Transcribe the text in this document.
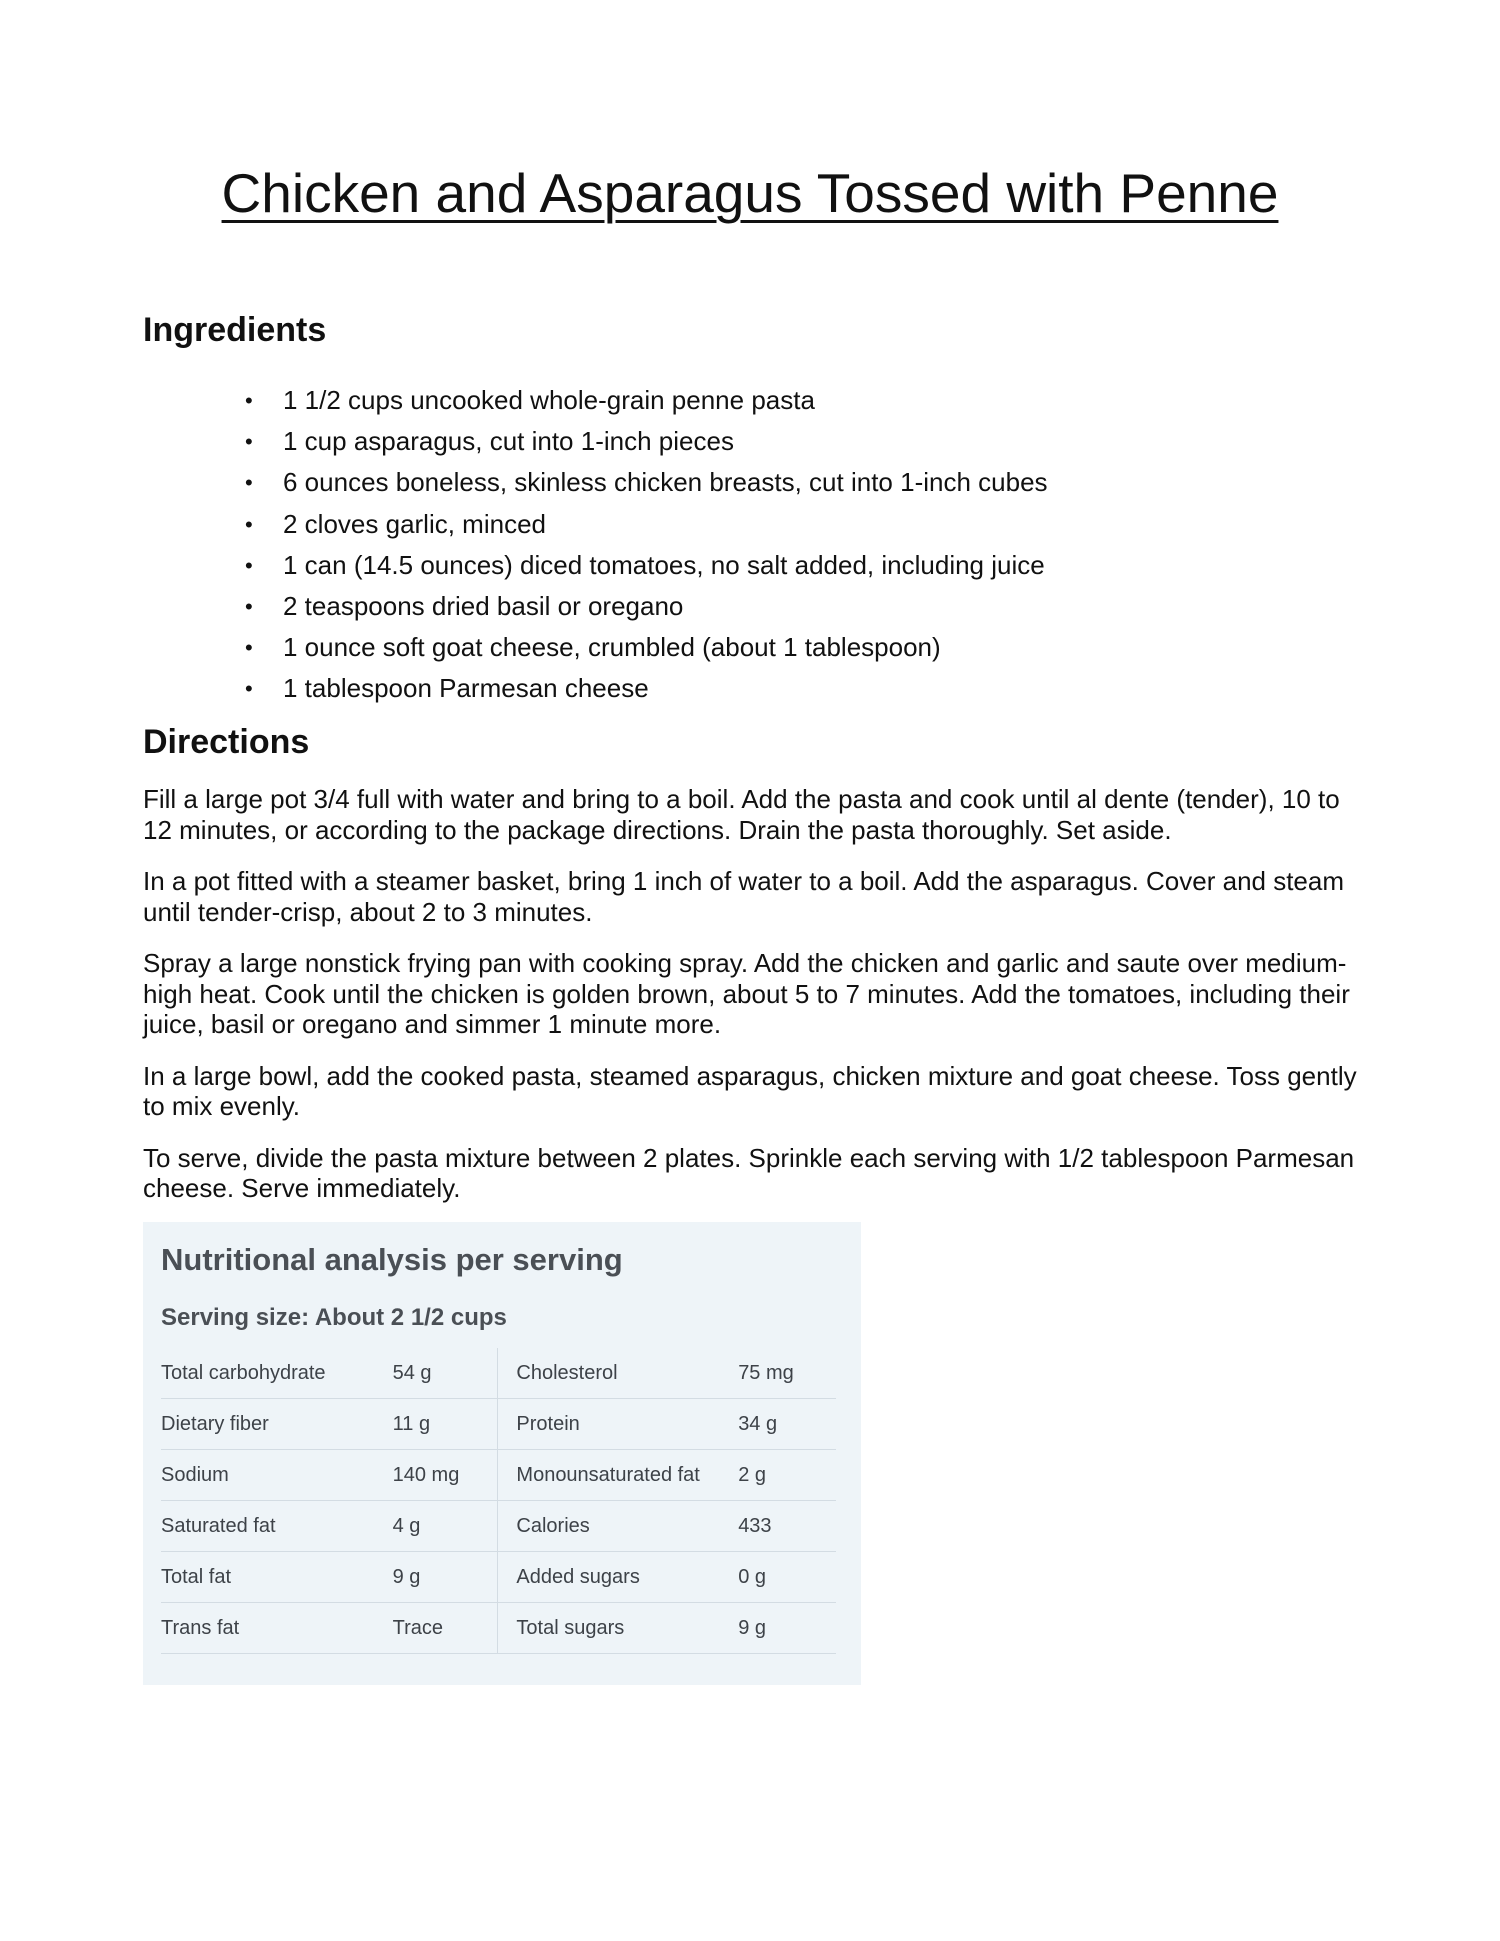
Chicken and Asparagus Tossed with Penne
Ingredients
• 1 1/2 cups uncooked whole-grain penne pasta
• 1 cup asparagus, cut into 1-inch pieces
• 6 ounces boneless, skinless chicken breasts, cut into 1-inch cubes
• 2 cloves garlic, minced
• 1 can (14.5 ounces) diced tomatoes, no salt added, including juice
• 2 teaspoons dried basil or oregano
• 1 ounce soft goat cheese, crumbled (about 1 tablespoon)
• 1 tablespoon Parmesan cheese
Directions

Fill a large pot 3/4 full with water and bring to a boil. Add the pasta and cook until al dente (tender), 10 to 12 minutes, or according to the package directions. Drain the pasta thoroughly. Set aside.

In a pot fitted with a steamer basket, bring 1 inch of water to a boil. Add the asparagus. Cover and steam until tender-crisp, about 2 to 3 minutes.

Spray a large nonstick frying pan with cooking spray. Add the chicken and garlic and saute over medium-high heat. Cook until the chicken is golden brown, about 5 to 7 minutes. Add the tomatoes, including their juice, basil or oregano and simmer 1 minute more.

In a large bowl, add the cooked pasta, steamed asparagus, chicken mixture and goat cheese. Toss gently to mix evenly.

To serve, divide the pasta mixture between 2 plates. Sprinkle each serving with 1/2 tablespoon Parmesan cheese. Serve immediately.

Nutritional analysis per serving
Serving size: About 2 1/2 cups
Total carbohydrate	54 g	Cholesterol	75 mg
Dietary fiber	11 g	Protein	34 g
Sodium	140 mg	Monounsaturated fat	2 g
Saturated fat	4 g	Calories	433
Total fat	9 g	Added sugars	0 g
Trans fat	Trace	Total sugars	9 g
